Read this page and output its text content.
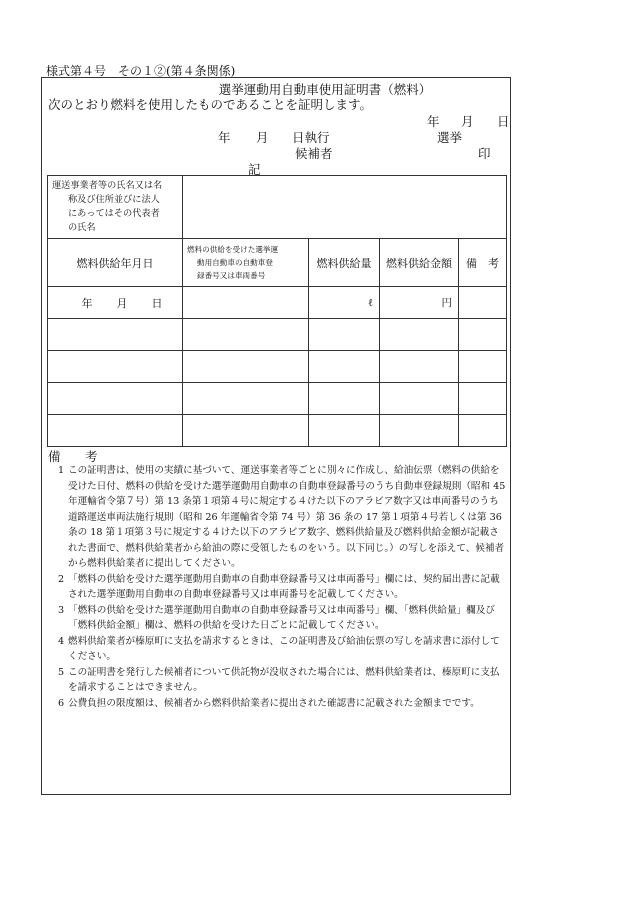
様式第４号　その１②(第４条関係)
選挙運動用自動車使用証明書（燃料）
次のとおり燃料を使用したものであることを証明します。
年 月 日
年 月 日執行	選挙
候補者	印
記
運送事業者等の氏名又は名
称及び住所並びに法人
にあってはその代表者
の氏名				

燃料供給年月日	燃料の供給を受けた選挙運
動用自動車の自動車登
録番号又は車両番号	燃料供給量	燃料供給金額	備　考
年 月 日		ℓ	円	

備　考

1 この証明書は、使用の実績に基づいて、運送事業者等ごとに別々に作成し、給油伝票（燃料の供給を受けた日付、燃料の供給を受けた選挙運動用自動車の自動車登録番号のうち自動車登録規則（昭和 45 年運輸省令第７号）第 13 条第１項第４号に規定する４けた以下のアラビア数字又は車両番号のうち道路運送車両法施行規則（昭和 26 年運輸省令第 74 号）第 36 条の 17 第１項第４号若しくは第 36 条の 18 第１項第３号に規定する４けた以下のアラビア数字、燃料供給量及び燃料供給金額が記載された書面で、燃料供給業者から給油の際に受領したものをいう。以下同じ。）の写しを添えて、候補者から燃料供給業者に提出してください。

2 「燃料の供給を受けた選挙運動用自動車の自動車登録番号又は車両番号」欄には、契約届出書に記載された選挙運動用自動車の自動車登録番号又は車両番号を記載してください。

3 「燃料の供給を受けた選挙運動用自動車の自動車登録番号又は車両番号」欄、「燃料供給量」欄及び「燃料供給金額」欄は、燃料の供給を受けた日ごとに記載してください。

4 燃料供給業者が榛原町に支払を請求するときは、この証明書及び給油伝票の写しを請求書に添付してください。

5 この証明書を発行した候補者について供託物が没収された場合には、燃料供給業者は、榛原町に支払を請求することはできません。

6 公費負担の限度額は、候補者から燃料供給業者に提出された確認書に記載された金額までです。
